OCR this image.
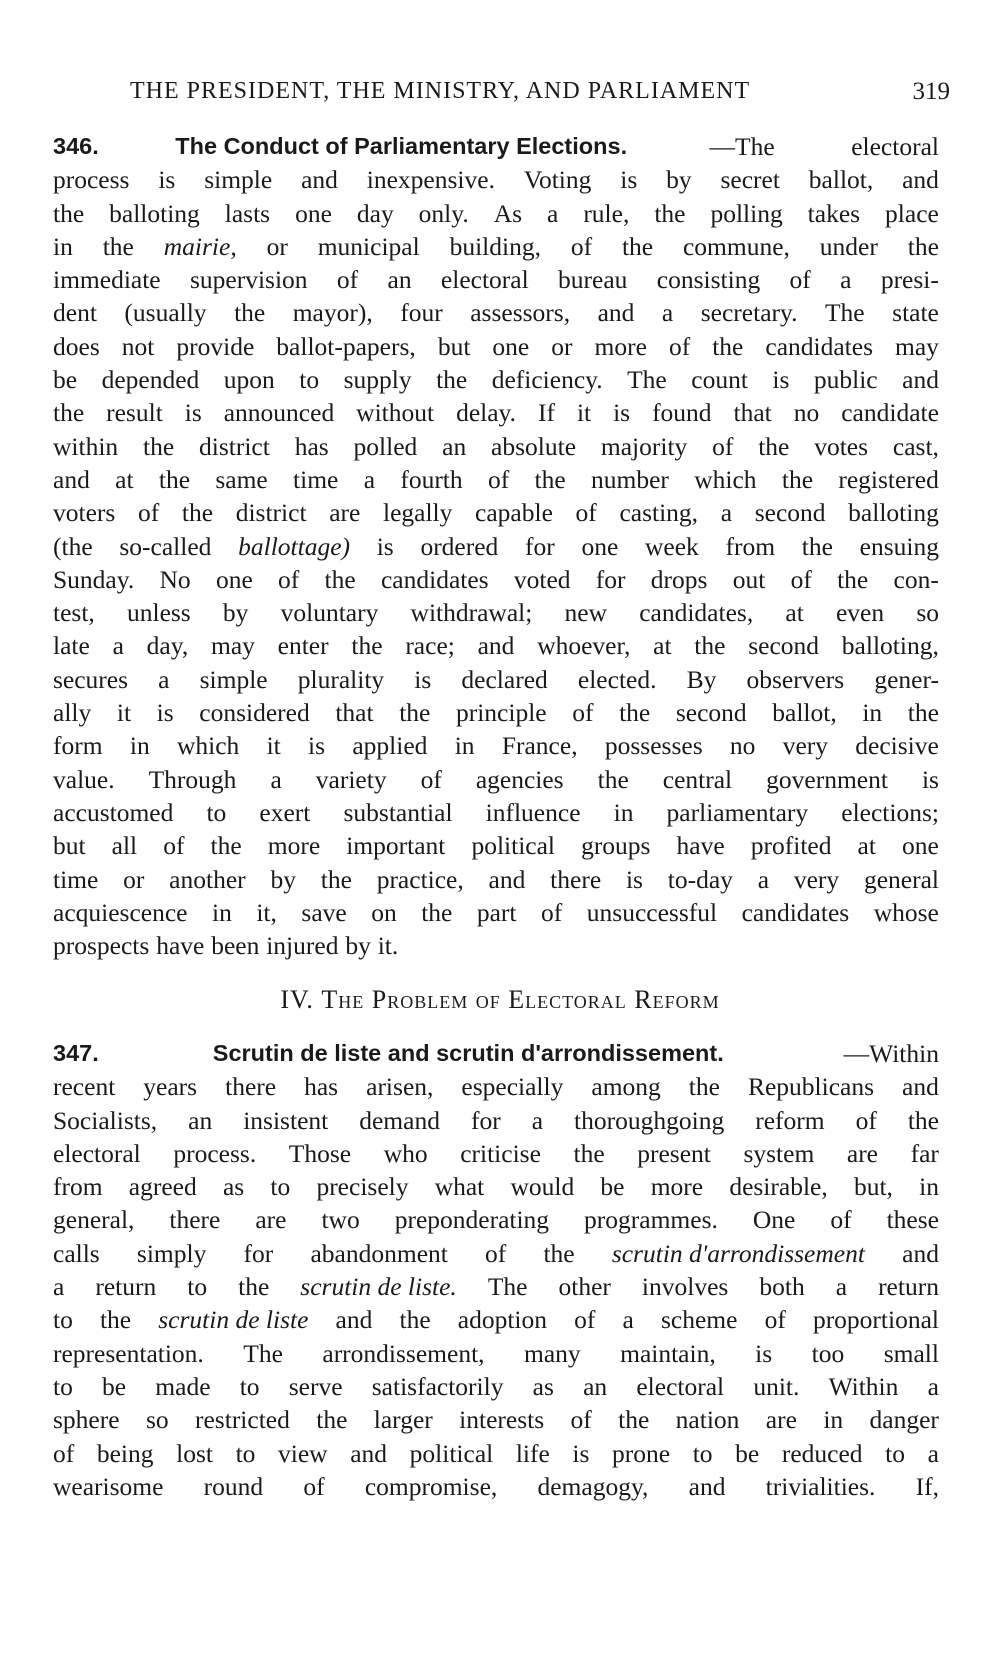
THE PRESIDENT, THE MINISTRY, AND PARLIAMENT	319
346.	The Conduct of Parliamentary Elections.	—The	electoral
process is simple and inexpensive. Voting is by secret ballot, and
the balloting lasts one day only. As a rule, the polling takes place
in the mairie, or municipal building, of the commune, under the
immediate supervision of an electoral bureau consisting of a presi-
dent (usually the mayor), four assessors, and a secretary. The state
does not provide ballot-papers, but one or more of the candidates may
be depended upon to supply the deficiency. The count is public and
the result is announced without delay. If it is found that no candidate
within the district has polled an absolute majority of the votes cast,
and at the same time a fourth of the number which the registered
voters of the district are legally capable of casting, a second balloting
(the so-called ballottage) is ordered for one week from the ensuing
Sunday. No one of the candidates voted for drops out of the con-
test, unless by voluntary withdrawal; new candidates, at even so
late a day, may enter the race; and whoever, at the second balloting,
secures a simple plurality is declared elected. By observers gener-
ally it is considered that the principle of the second ballot, in the
form in which it is applied in France, possesses no very decisive
value. Through a variety of agencies the central government is
accustomed to exert substantial influence in parliamentary elections;
but all of the more important political groups have profited at one
time or another by the practice, and there is to-day a very general
acquiescence in it, save on the part of unsuccessful candidates whose
prospects have been injured by it.
IV. The Problem of Electoral Reform
347.	Scrutin de liste and scrutin d'arrondissement.	—Within
recent years there has arisen, especially among the Republicans and
Socialists, an insistent demand for a thoroughgoing reform of the
electoral process. Those who criticise the present system are far
from agreed as to precisely what would be more desirable, but, in
general, there are two preponderating programmes. One of these
calls simply for abandonment of the scrutin d'arrondissement and
a return to the scrutin de liste. The other involves both a return
to the scrutin de liste and the adoption of a scheme of proportional
representation. The arrondissement, many maintain, is too small
to be made to serve satisfactorily as an electoral unit. Within a
sphere so restricted the larger interests of the nation are in danger
of being lost to view and political life is prone to be reduced to a
wearisome round of compromise, demagogy, and trivialities. If,
